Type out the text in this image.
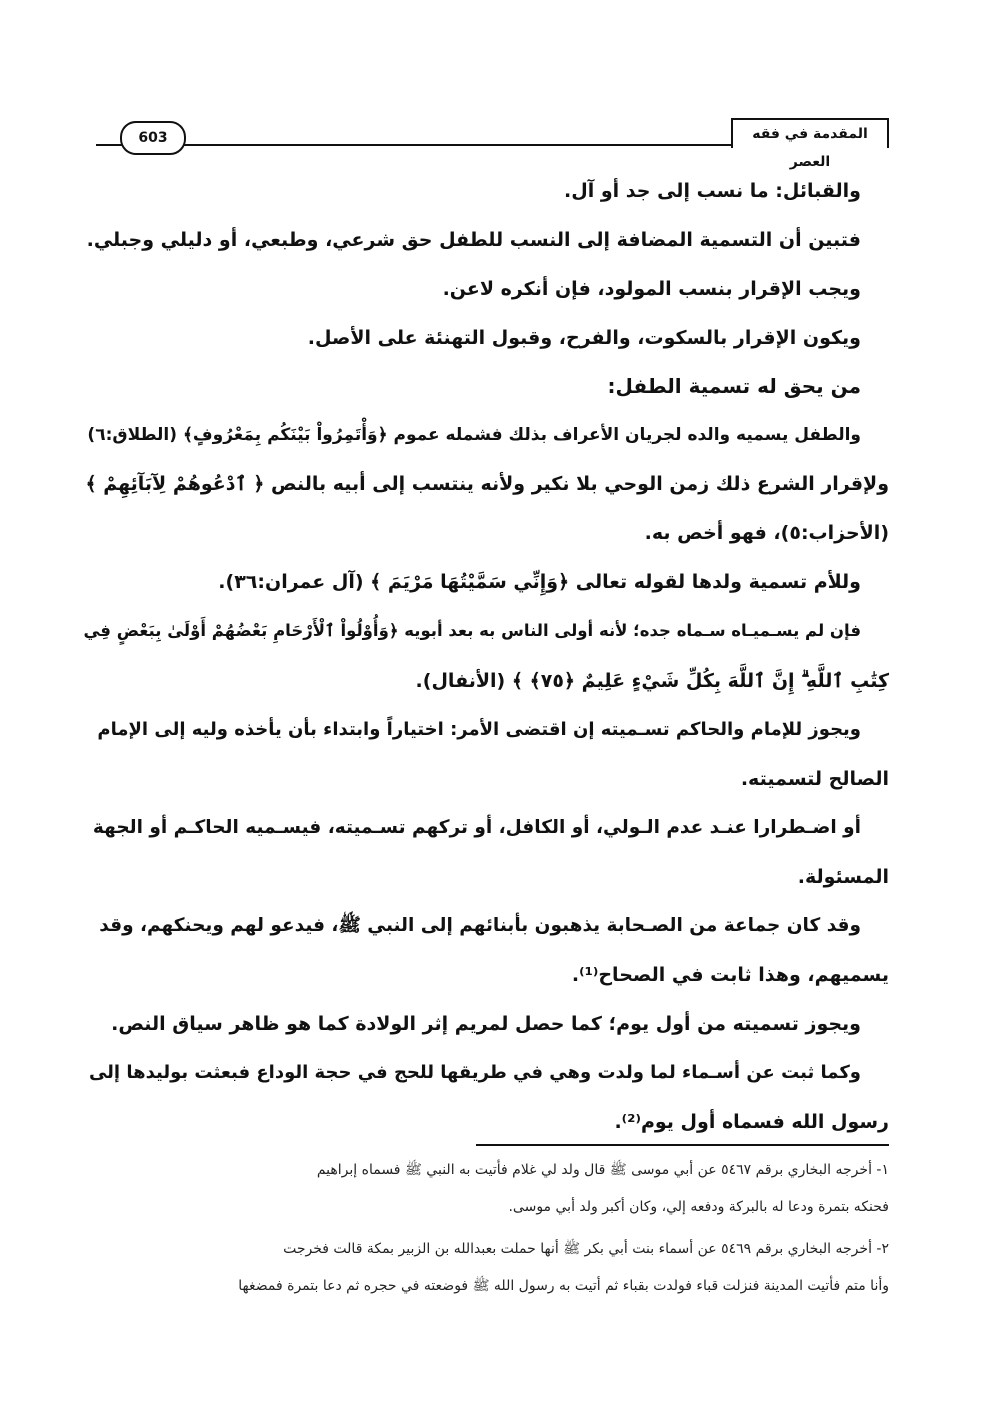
603	المقدمة في فقه العصر
والقبائل: ما نسب إلى جد أو آل.
فتبين أن التسمية المضافة إلى النسب للطفل حق شرعي، وطبعي، أو دليلي وجبلي.
ويجب الإقرار بنسب المولود، فإن أنكره لاعن.
ويكون الإقرار بالسكوت، والفرح، وقبول التهنئة على الأصل.
من يحق له تسمية الطفل:
والطفل يسميه والده لجريان الأعراف بذلك فشمله عموم ﴿وَأْتَمِرُواْ بَيْنَكُم بِمَعْرُوفٍ﴾ (الطلاق:٦)
ولإقرار الشرع ذلك زمن الوحي بلا نكير ولأنه ينتسب إلى أبيه بالنص ﴿ ٱدْعُوهُمْ لِآبَآئِهِمْ ﴾
(الأحزاب:٥)، فهو أخص به.
وللأم تسمية ولدها لقوله تعالى ﴿وَإِنِّي سَمَّيْتُهَا مَرْيَمَ ﴾ (آل عمران:٣٦).
فإن لم يسـميـاه سـماه جده؛ لأنه أولى الناس به بعد أبويه ﴿وَأُوْلُواْ ٱلْأَرْحَامِ بَعْضُهُمْ أَوْلَىٰ بِبَعْضٍ فِي
كِتَٰبِ ٱللَّهِ ۗ إِنَّ ٱللَّهَ بِكُلِّ شَيْءٍ عَلِيمٌ ﴿٧٥﴾ ﴾ (الأنفال).
ويجوز للإمام والحاكم تسـميته إن اقتضى الأمر: اختياراً وابتداء بأن يأخذه وليه إلى الإمام
الصالح لتسميته.
أو اضـطرارا عنـد عدم الـولي، أو الكافل، أو تركهم تسـميته، فيسـميه الحاكـم أو الجهة
المسئولة.
وقد كان جماعة من الصـحابة يذهبون بأبنائهم إلى النبي ﷺ، فيدعو لهم ويحنكهم، وقد
يسميهم، وهذا ثابت في الصحاح⁽¹⁾.
ويجوز تسميته من أول يوم؛ كما حصل لمريم إثر الولادة كما هو ظاهر سياق النص.
وكما ثبت عن أسـماء لما ولدت وهي في طريقها للحج في حجة الوداع فبعثت بوليدها إلى
رسول الله فسماه أول يوم⁽²⁾.
١- أخرجه البخاري برقم ٥٤٦٧ عن أبي موسى ﷺ قال ولد لي غلام فأتيت به النبي ﷺ فسماه إبراهيم
فحنكه بتمرة ودعا له بالبركة ودفعه إلي، وكان أكبر ولد أبي موسى.
٢- أخرجه البخاري برقم ٥٤٦٩ عن أسماء بنت أبي بكر ﷺ أنها حملت بعبدالله بن الزبير بمكة قالت فخرجت
وأنا متم فأتيت المدينة فنزلت قباء فولدت بقباء ثم أتيت به رسول الله ﷺ فوضعته في حجره ثم دعا بتمرة فمضغها
